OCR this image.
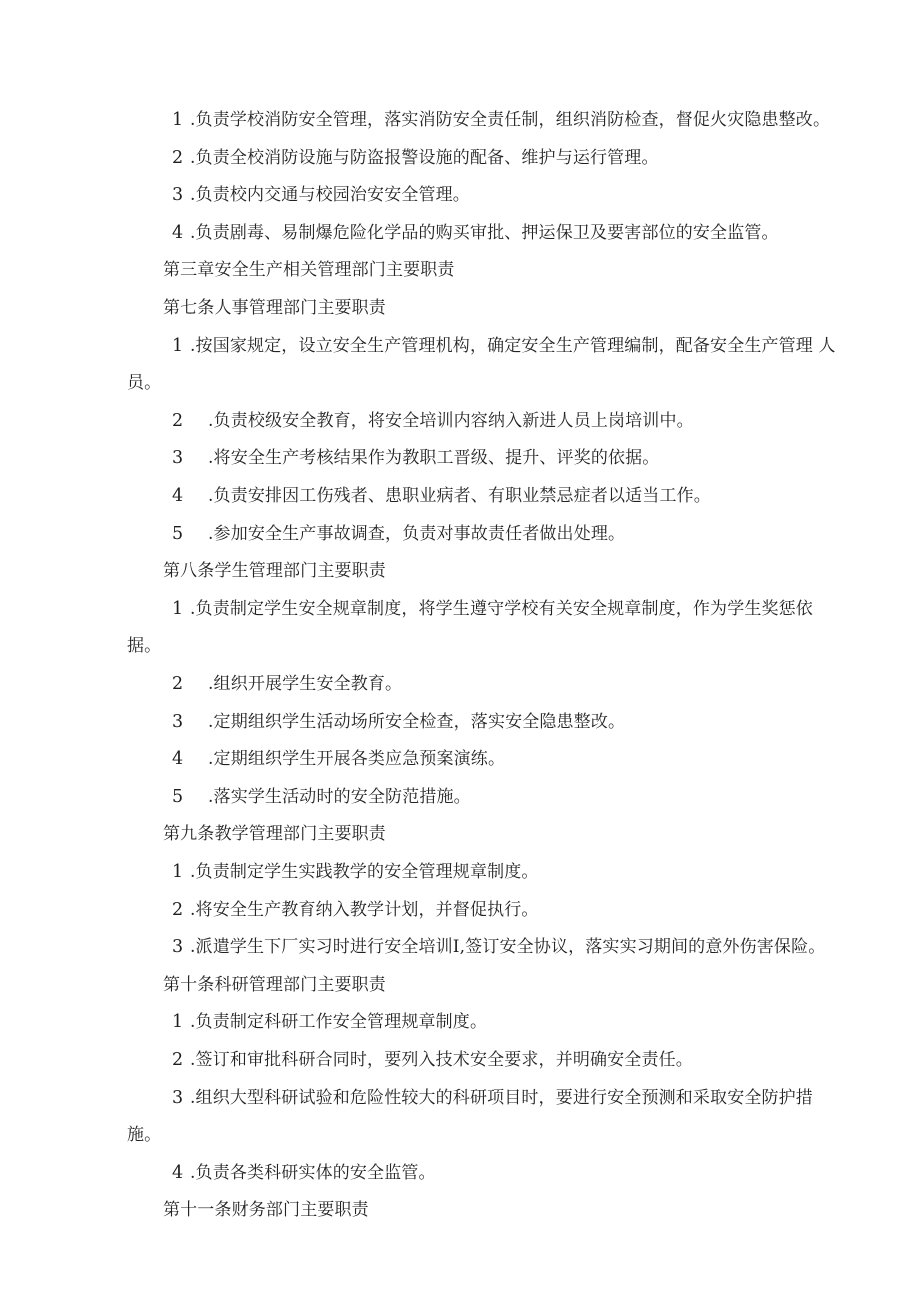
1 .负责学校消防安全管理，落实消防安全责任制，组织消防检查，督促火灾隐患整改。
2 .负责全校消防设施与防盗报警设施的配备、维护与运行管理。
3 .负责校内交通与校园治安安全管理。
4 .负责剧毒、易制爆危险化学品的购买审批、押运保卫及要害部位的安全监管。
第三章安全生产相关管理部门主要职责
第七条人事管理部门主要职责
1 .按国家规定，设立安全生产管理机构，确定安全生产管理编制，配备安全生产管理 人
员。
2 .负责校级安全教育，将安全培训内容纳入新进人员上岗培训中。
3 .将安全生产考核结果作为教职工晋级、提升、评奖的依据。
4 .负责安排因工伤残者、患职业病者、有职业禁忌症者以适当工作。
5 .参加安全生产事故调查，负责对事故责任者做出处理。
第八条学生管理部门主要职责
1 .负责制定学生安全规章制度，将学生遵守学校有关安全规章制度，作为学生奖惩依
据。
2 .组织开展学生安全教育。
3 .定期组织学生活动场所安全检查，落实安全隐患整改。
4 .定期组织学生开展各类应急预案演练。
5 .落实学生活动时的安全防范措施。
第九条教学管理部门主要职责
1 .负责制定学生实践教学的安全管理规章制度。
2 .将安全生产教育纳入教学计划，并督促执行。
3 .派遣学生下厂实习时进行安全培训I,签订安全协议，落实实习期间的意外伤害保险。
第十条科研管理部门主要职责
1 .负责制定科研工作安全管理规章制度。
2 .签订和审批科研合同时，要列入技术安全要求，并明确安全责任。
3 .组织大型科研试验和危险性较大的科研项目时，要进行安全预测和采取安全防护措
施。
4 .负责各类科研实体的安全监管。
第十一条财务部门主要职责
